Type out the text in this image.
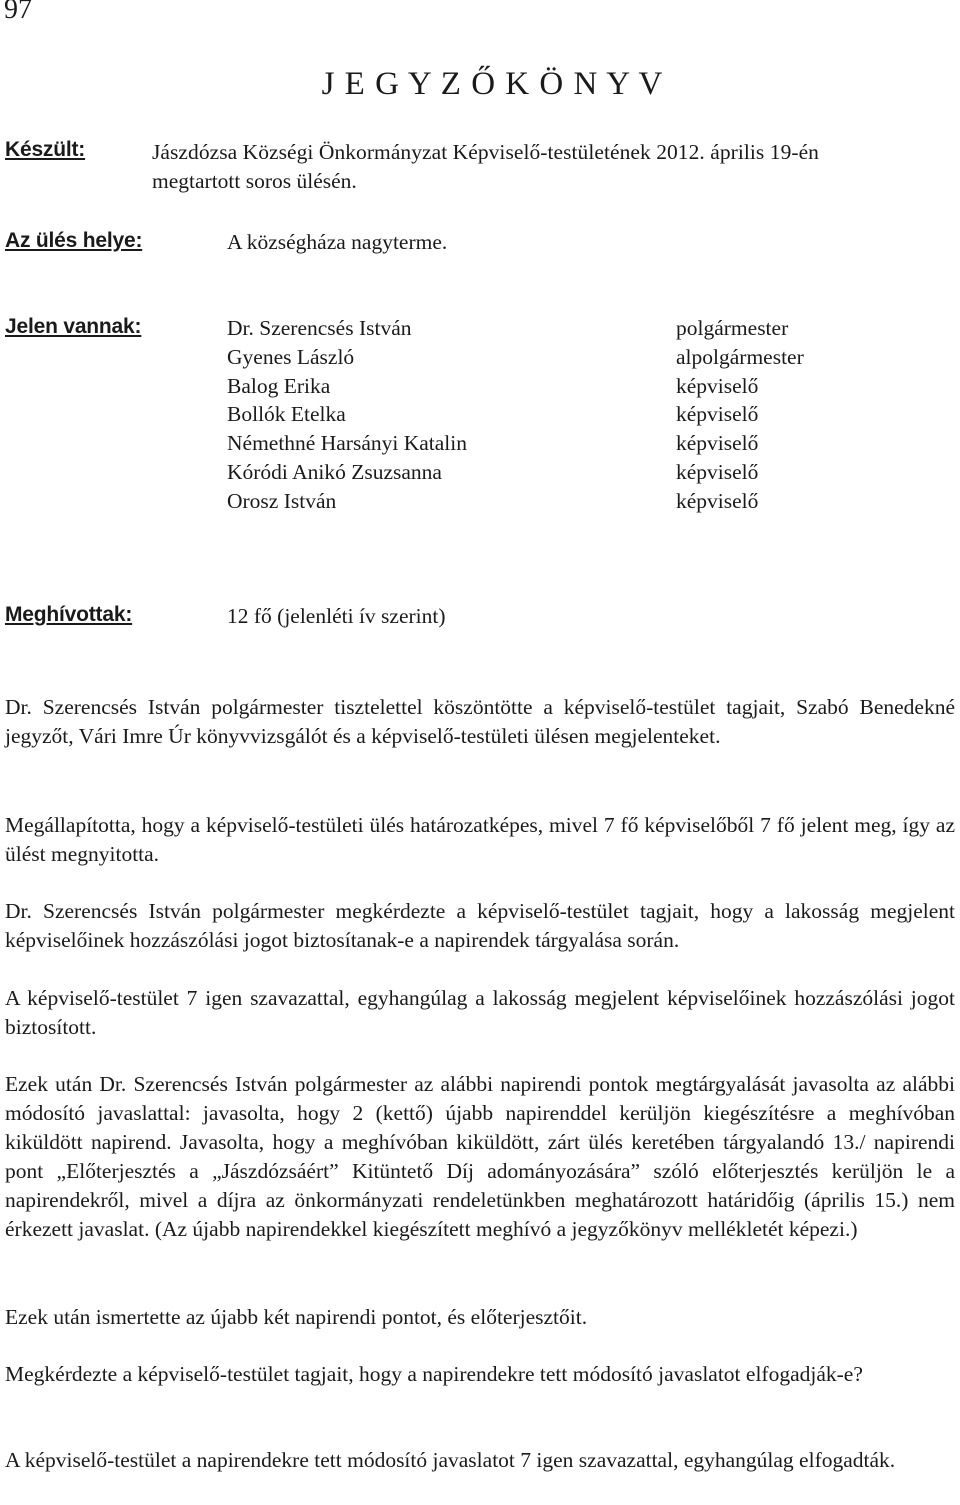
97
J E G Y Z Ő K Ö N Y V
Készült:	Jászdózsa Községi Önkormányzat Képviselő-testületének 2012. április 19-én
megtartott soros ülésén.
Az ülés helye:	A községháza nagyterme.
Jelen vannak:	Dr. Szerencsés István	polgármester
Gyenes László	alpolgármester
Balog Erika	képviselő
Bollók Etelka	képviselő
Némethné Harsányi Katalin	képviselő
Kóródi Anikó Zsuzsanna	képviselő
Orosz István	képviselő
Meghívottak:	12 fő (jelenléti ív szerint)

Dr. Szerencsés István polgármester tisztelettel köszöntötte a képviselő-testület tagjait, Szabó Benedekné jegyzőt, Vári Imre Úr könyvvizsgálót és a képviselő-testületi ülésen megjelenteket.

Megállapította, hogy a képviselő-testületi ülés határozatképes, mivel 7 fő képviselőből 7 fő jelent meg, így az ülést megnyitotta.

Dr. Szerencsés István polgármester megkérdezte a képviselő-testület tagjait, hogy a lakosság megjelent képviselőinek hozzászólási jogot biztosítanak-e a napirendek tárgyalása során.

A képviselő-testület 7 igen szavazattal, egyhangúlag a lakosság megjelent képviselőinek hozzászólási jogot biztosított.

Ezek után Dr. Szerencsés István polgármester az alábbi napirendi pontok megtárgyalását javasolta az alábbi módosító javaslattal: javasolta, hogy 2 (kettő) újabb napirenddel kerüljön kiegészítésre a meghívóban kiküldött napirend. Javasolta, hogy a meghívóban kiküldött, zárt ülés keretében tárgyalandó 13./ napirendi pont „Előterjesztés a „Jászdózsáért” Kitüntető Díj adományozására” szóló előterjesztés kerüljön le a napirendekről, mivel a díjra az önkormányzati rendeletünkben meghatározott határidőig (április 15.) nem érkezett javaslat. (Az újabb napirendekkel kiegészített meghívó a jegyzőkönyv mellékletét képezi.)

Ezek után ismertette az újabb két napirendi pontot, és előterjesztőit.

Megkérdezte a képviselő-testület tagjait, hogy a napirendekre tett módosító javaslatot elfogadják-e?

A képviselő-testület a napirendekre tett módosító javaslatot 7 igen szavazattal, egyhangúlag elfogadták.
